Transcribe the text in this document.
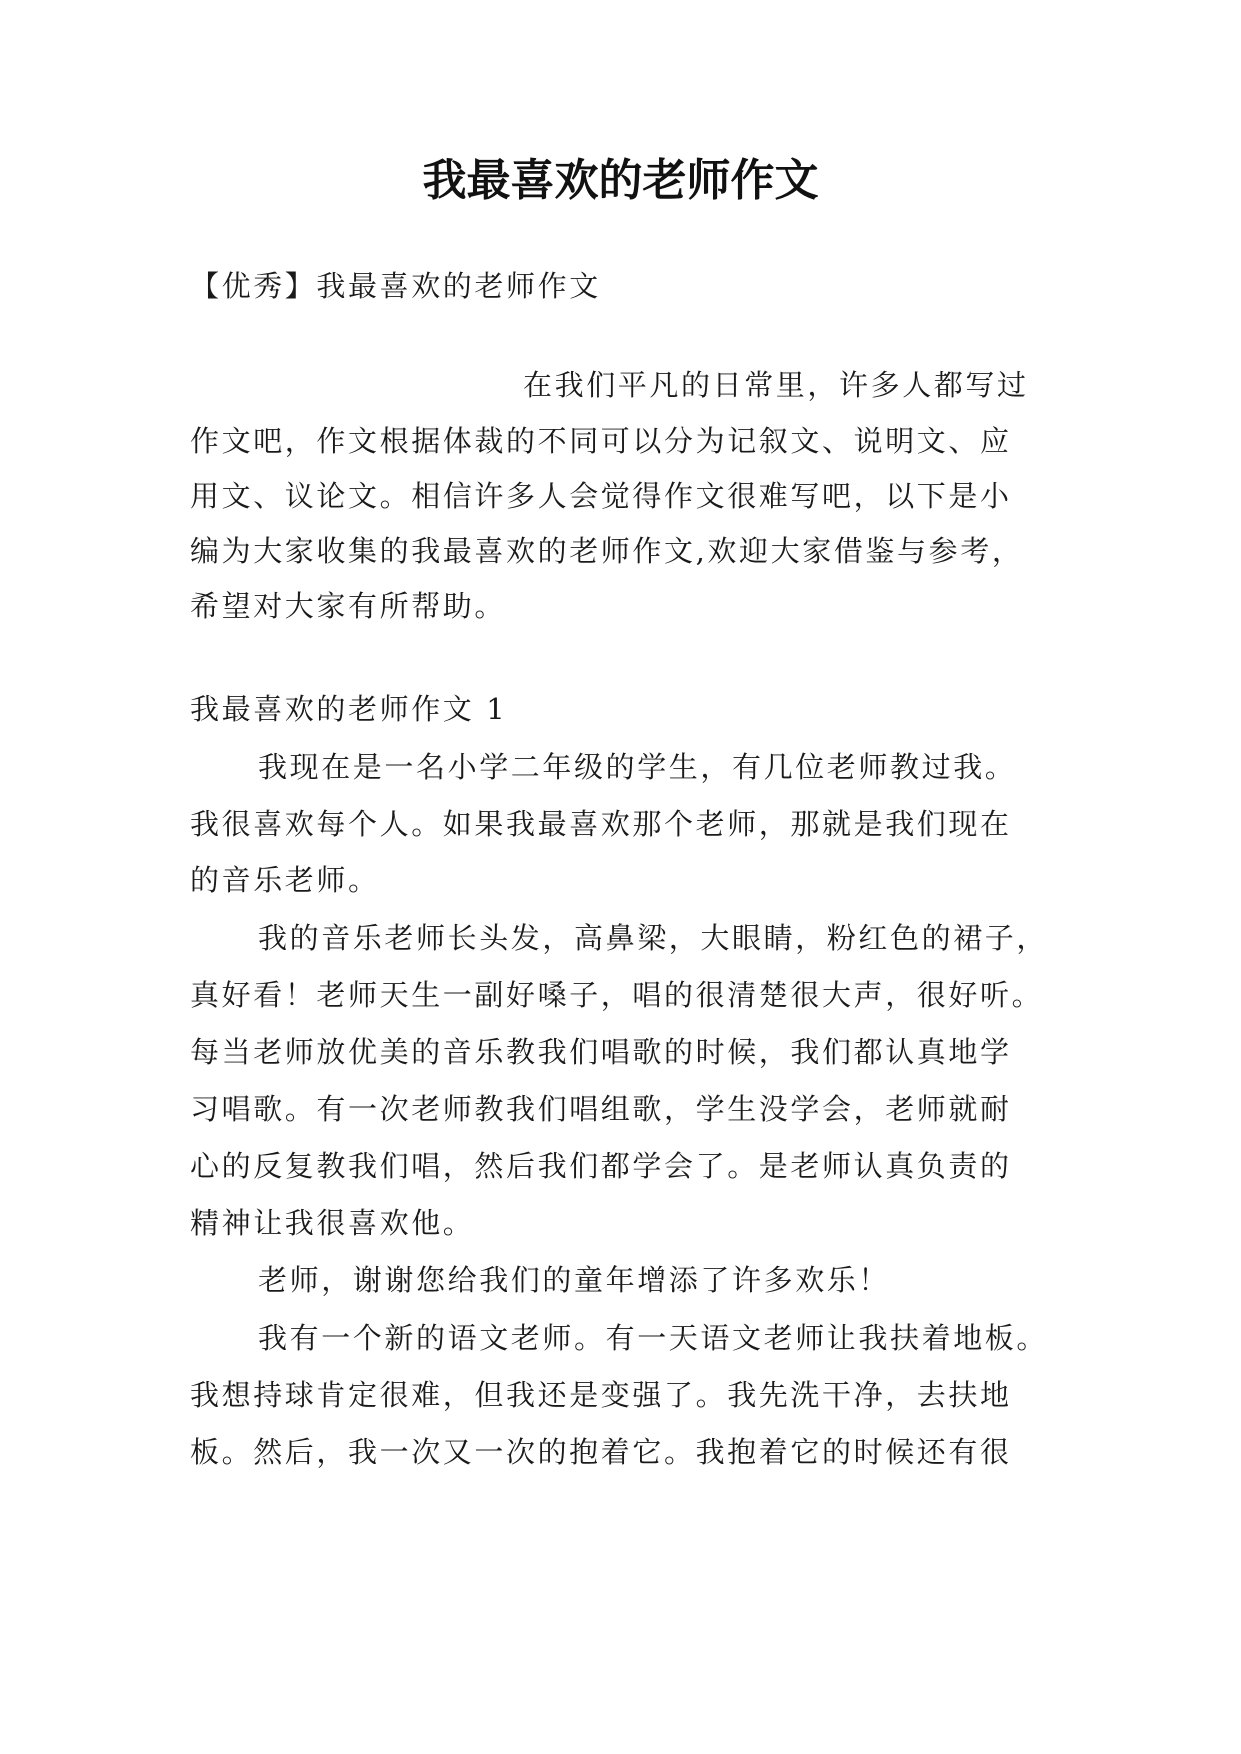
我最喜欢的老师作文

【优秀】我最喜欢的老师作文

在我们平凡的日常里，许多人都写过

作文吧，作文根据体裁的不同可以分为记叙文、说明文、应

用文、议论文。相信许多人会觉得作文很难写吧，以下是小

编为大家收集的我最喜欢的老师作文,欢迎大家借鉴与参考，

希望对大家有所帮助。

我最喜欢的老师作文 1

我现在是一名小学二年级的学生，有几位老师教过我。

我很喜欢每个人。如果我最喜欢那个老师，那就是我们现在

的音乐老师。

我的音乐老师长头发，高鼻梁，大眼睛，粉红色的裙子，

真好看！老师天生一副好嗓子，唱的很清楚很大声，很好听。

每当老师放优美的音乐教我们唱歌的时候，我们都认真地学

习唱歌。有一次老师教我们唱组歌，学生没学会，老师就耐

心的反复教我们唱，然后我们都学会了。是老师认真负责的

精神让我很喜欢他。

老师，谢谢您给我们的童年增添了许多欢乐！

我有一个新的语文老师。有一天语文老师让我扶着地板。

我想持球肯定很难，但我还是变强了。我先洗干净，去扶地

板。然后，我一次又一次的抱着它。我抱着它的时候还有很
